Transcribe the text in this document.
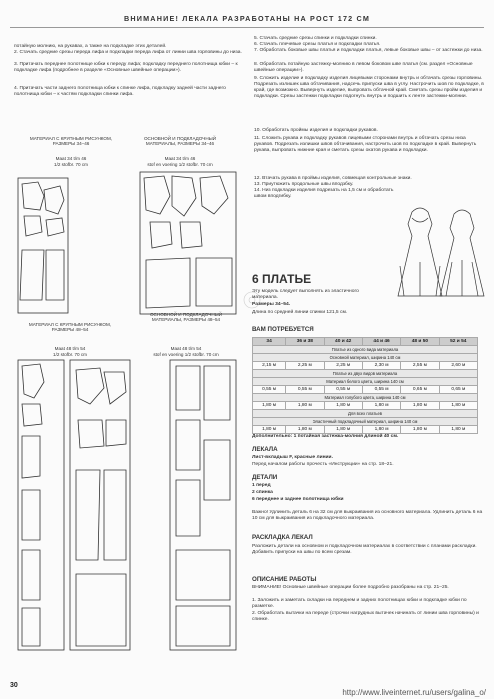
ВНИМАНИЕ! ЛЕКАЛА РАЗРАБОТАНЫ НА РОСТ 172 СМ
потайную молнию, на рукавах, а также на подкладке этих деталей.
2. Стачать средние срезы переда лифа и подкладки переда лифа от линии шва горловины до низа.
3. Притачать переднее полотнище юбки к переду лифа; подкладку переднего полотнища юбки – к подкладке лифа (подробнее в разделе «Основные швейные операции»).
4. Притачать части заднего полотнища юбки к спинке лифа, подкладку задней части заднего полотнища юбки – к частям подкладки спинки лифа.
МАТЕРИАЛ С КРУПНЫМ РИСУНКОМ, РАЗМЕРЫ 34–46
Maat 34 t/m 46
1/2 stofbr. 70 cm
ОСНОВНОЙ И ПОДКЛАДОЧНЫЙ МАТЕРИАЛЫ, РАЗМЕРЫ 34–46
Maat 34 t/m 46
stof en voering 1/2 stofbr. 70 cm
МАТЕРИАЛ С КРУПНЫМ РИСУНКОМ, РАЗМЕРЫ 48–54
Maat 48 t/m 54
1/2 stofbr. 70 cm
ОСНОВНОЙ И ПОДКЛАДОЧНЫЙ МАТЕРИАЛЫ, РАЗМЕРЫ 48–54
Maat 48 t/m 54
stof en voering 1/2 stofbr. 70 cm
5. Стачать средние срезы спинки и подкладки спинки.
6. Стачать плечевые срезы платья и подкладки платья.
7. Обработать боковые швы платья и подкладки платья, левые боковые швы – от застежки до низа.
8. Обработать потайную застежку-молнию в левом боковом шве платья (см. раздел «Основные швейные операции»).
9. Сложить изделие и подкладку изделия лицевыми сторонами внутрь и обтачать срезы горловины. Подрезать излишек шва обтачивания, надсечь припуски шва в углу. Настрочить шов по подкладке, в край, где возможно. Вывернуть изделие, выпровать обтачной край. Сметать срезы пройм изделия и подкладки. Срезы застежки подкладки подогнуть внутрь и подшить к ленте застежки-молнии.
10. Обработать проймы изделия и подкладки рукавов.
11. Сложить рукава и подкладку рукавов лицевыми сторонами внутрь и обтачать срезы низа рукавов. Подрезать излишки швов обтачивания, настрочить шов по подкладке в край. Вывернуть рукава, выпровать нижние края и сметать срезы окатов рукава и подкладки.
12. Втачать рукава в проймы изделия, совмещая контрольные знаки.
13. Приутюжить продольные швы вподзбку.
14. Низ подкладки изделия подрезать на 1,5 см и обработать швом вподгибку.
6 ПЛАТЬЕ
Эту модель следует выполнять из эластичного материала.
Размеры 34–54.
Длина по средней линии спинки 121,5 см.
ВАМ ПОТРЕБУЕТСЯ
34	36 и 38	40 и 42	44 и 46	48 и 50	52 и 54
Платье из одного вида материала					
Основной материал, ширина 140 см					
2,15 м	2,25 м	2,25 м	2,30 м	2,55 м	2,60 м
Платье из двух видов материала					
Материал белого цвета, ширина 140 см					
0,55 м	0,55 м	0,55 м	0,55 м	0,65 м	0,65 м
Материал голубого цвета, ширина 140 см					
1,80 м	1,80 м	1,80 м	1,80 м	1,80 м	1,80 м
Для всех платьев					
Эластичный подкладочный материал, ширина 140 см					
1,80 м	1,80 м	1,80 м	1,80 м	1,80 м	1,80 м
Дополнительно: 1 потайная застежка-молния длиной 40 см.
ЛЕКАЛА
Лист-вкладыш F, красные линии.
Перед началом работы прочесть «Инструкции» на стр. 18–21.
ДЕТАЛИ
1 перед
2 спинка
6 переднее и заднее полотнища юбки
Важно! Удлинить деталь 6 на 32 см для выкраивания из основного материала. Удлинить деталь 6 на 10 см для выкраивания из подкладочного материала.
РАСКЛАДКА ЛЕКАЛ
Разложить детали на основном и подкладочном материалах в соответствии с планами раскладки. Добавить припуски на швы по всем срезам.
ОПИСАНИЕ РАБОТЫ
ВНИМАНИЕ! Основные швейные операции более подробно разобраны на стр. 21–25.
1. Заложить и заметать складки на переднем и задних полотнищах юбки и подкладке юбки по разметке.
2. Обработать вытачки на переде (строчки нагрудных вытачек начинать от линии шва горловины) и спинке.
30
http://www.liveinternet.ru/users/galina_o/
